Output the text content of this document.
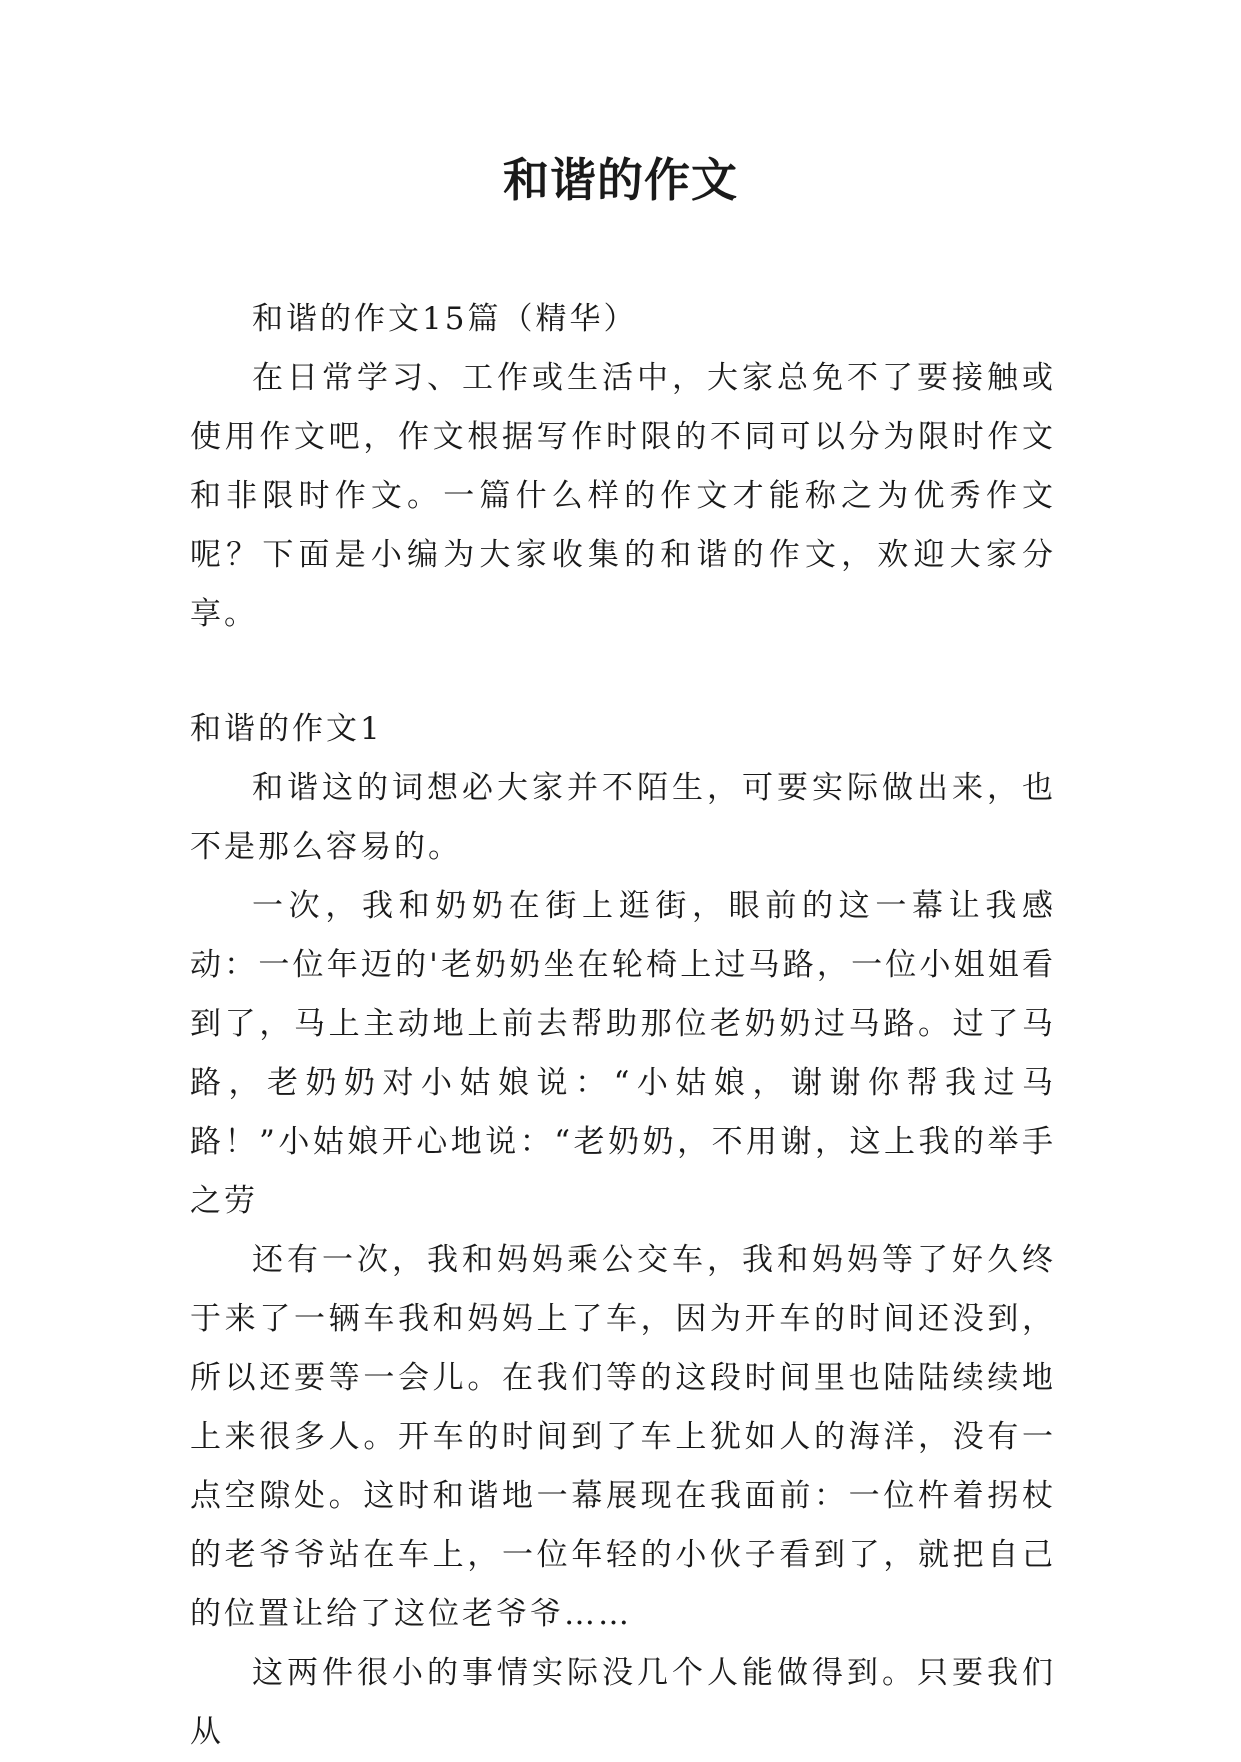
和谐的作文

和谐的作文15篇（精华）

在日常学习、工作或生活中，大家总免不了要接触或使用作文吧，作文根据写作时限的不同可以分为限时作文和非限时作文。一篇什么样的作文才能称之为优秀作文呢？下面是小编为大家收集的和谐的作文，欢迎大家分享。

和谐的作文1

和谐这的词想必大家并不陌生，可要实际做出来，也不是那么容易的。

一次，我和奶奶在街上逛街，眼前的这一幕让我感动：一位年迈的'老奶奶坐在轮椅上过马路，一位小姐姐看到了，马上主动地上前去帮助那位老奶奶过马路。过了马路，老奶奶对小姑娘说：“小姑娘，谢谢你帮我过马路！”小姑娘开心地说：“老奶奶，不用谢，这上我的举手之劳

还有一次，我和妈妈乘公交车，我和妈妈等了好久终于来了一辆车我和妈妈上了车，因为开车的时间还没到，所以还要等一会儿。在我们等的这段时间里也陆陆续续地上来很多人。开车的时间到了车上犹如人的海洋，没有一点空隙处。这时和谐地一幕展现在我面前：一位杵着拐杖的老爷爷站在车上，一位年轻的小伙子看到了，就把自己的位置让给了这位老爷爷……

这两件很小的事情实际没几个人能做得到。只要我们从
